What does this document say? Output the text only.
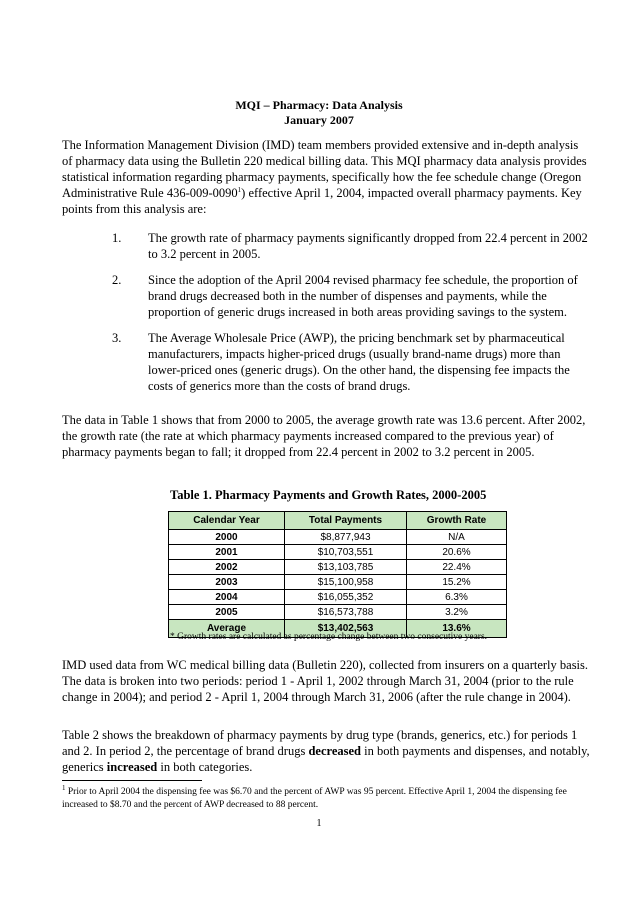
MQI – Pharmacy: Data Analysis
January 2007
The Information Management Division (IMD) team members provided extensive and in-depth analysis of pharmacy data using the Bulletin 220 medical billing data. This MQI pharmacy data analysis provides statistical information regarding pharmacy payments, specifically how the fee schedule change (Oregon Administrative Rule 436-009-0090$^1$) effective April 1, 2004, impacted overall pharmacy payments. Key points from this analysis are:
1.	The growth rate of pharmacy payments significantly dropped from 22.4 percent in 2002 to 3.2 percent in 2005.
2.	Since the adoption of the April 2004 revised pharmacy fee schedule, the proportion of brand drugs decreased both in the number of dispenses and payments, while the proportion of generic drugs increased in both areas providing savings to the system.
3.	The Average Wholesale Price (AWP), the pricing benchmark set by pharmaceutical manufacturers, impacts higher-priced drugs (usually brand-name drugs) more than lower-priced ones (generic drugs). On the other hand, the dispensing fee impacts the costs of generics more than the costs of brand drugs.
The data in Table 1 shows that from 2000 to 2005, the average growth rate was 13.6 percent. After 2002, the growth rate (the rate at which pharmacy payments increased compared to the previous year) of pharmacy payments began to fall; it dropped from 22.4 percent in 2002 to 3.2 percent in 2005.
Table 1. Pharmacy Payments and Growth Rates, 2000-2005
Calendar Year	Total Payments	Growth Rate
2000	$8,877,943	N/A
2001	$10,703,551	20.6%
2002	$13,103,785	22.4%
2003	$15,100,958	15.2%
2004	$16,055,352	6.3%
2005	$16,573,788	3.2%
Average	$13,402,563	13.6%
* Growth rates are calculated as percentage change between two consecutive years.
IMD used data from WC medical billing data (Bulletin 220), collected from insurers on a quarterly basis. The data is broken into two periods: period 1 - April 1, 2002 through March 31, 2004 (prior to the rule change in 2004); and period 2 - April 1, 2004 through March 31, 2006 (after the rule change in 2004).
Table 2 shows the breakdown of pharmacy payments by drug type (brands, generics, etc.) for periods 1 and 2. In period 2, the percentage of brand drugs decreased in both payments and dispenses, and notably, generics increased in both categories.
$^1$ Prior to April 2004 the dispensing fee was $6.70 and the percent of AWP was 95 percent. Effective April 1, 2004 the dispensing fee increased to $8.70 and the percent of AWP decreased to 88 percent.
1
